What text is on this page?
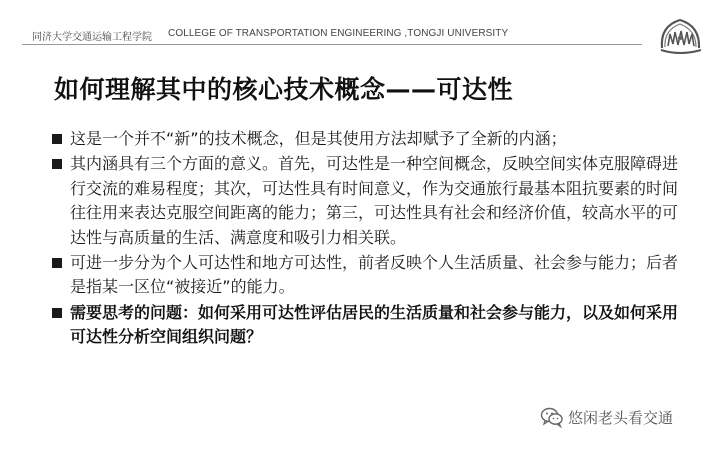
同济大学交通运输工程学院 COLLEGE OF TRANSPORTATION ENGINEERING ,TONGJI UNIVERSITY
如何理解其中的核心技术概念——可达性
这是一个并不“新”的技术概念，但是其使用方法却赋予了全新的内涵；
其内涵具有三个方面的意义。首先，可达性是一种空间概念，反映空间实体克服障碍进行交流的难易程度；其次，可达性具有时间意义，作为交通旅行最基本阻抗要素的时间往往用来表达克服空间距离的能力；第三，可达性具有社会和经济价值，较高水平的可达性与高质量的生活、满意度和吸引力相关联。
可进一步分为个人可达性和地方可达性，前者反映个人生活质量、社会参与能力；后者是指某一区位“被接近”的能力。
需要思考的问题：如何采用可达性评估居民的生活质量和社会参与能力，以及如何采用可达性分析空间组织问题？
悠闲老头看交通
